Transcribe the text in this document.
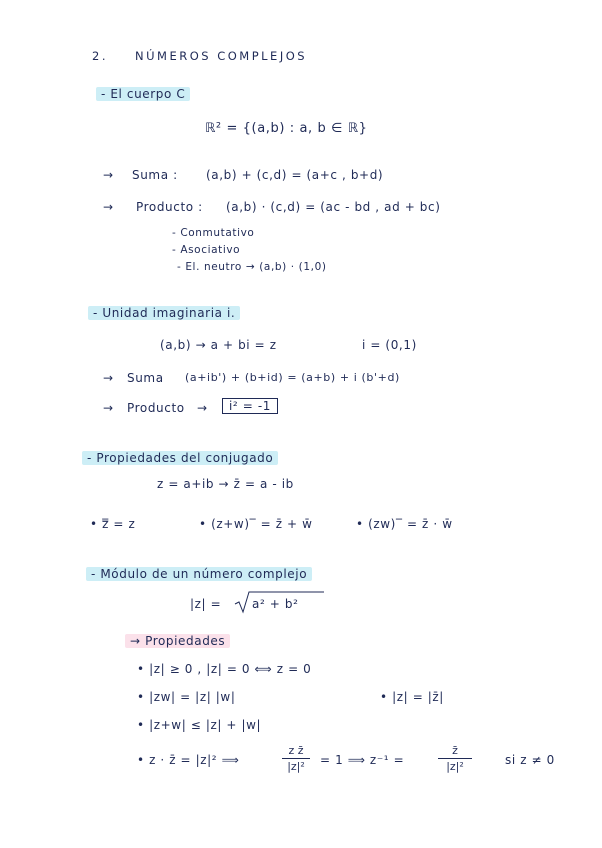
2. NÚMEROS COMPLEJOS
- El cuerpo C
ℝ² = {(a,b) : a, b ∈ ℝ}
→ Suma : (a,b) + (c,d) = (a+c , b+d)
→ Producto : (a,b) · (c,d) = (ac - bd , ad + bc)
- Conmutativo
- Asociativo
- El. neutro → (a,b) · (1,0)
- Unidad imaginaria i.
(a,b) → a + bi = z	i = (0,1)
→ Suma (a+ib') + (b+id) = (a+b) + i (b'+d)
→ Producto →	i² = -1
- Propiedades del conjugado
z = a+ib → z̄ = a - ib
• z̿ = z	• (z+w)‾ = z̄ + w̄	• (zw)‾ = z̄ · w̄
- Módulo de un número complejo
|z| =	a² + b²
→ Propiedades
• |z| ≥ 0 , |z| = 0 ⟺ z = 0
• |zw| = |z| |w|	• |z| = |z̄|
• |z+w| ≤ |z| + |w|
• z · z̄ = |z|² ⟹
z z̄
|z|²	= 1 ⟹ z⁻¹ =
z̄
|z|²	si z ≠ 0
